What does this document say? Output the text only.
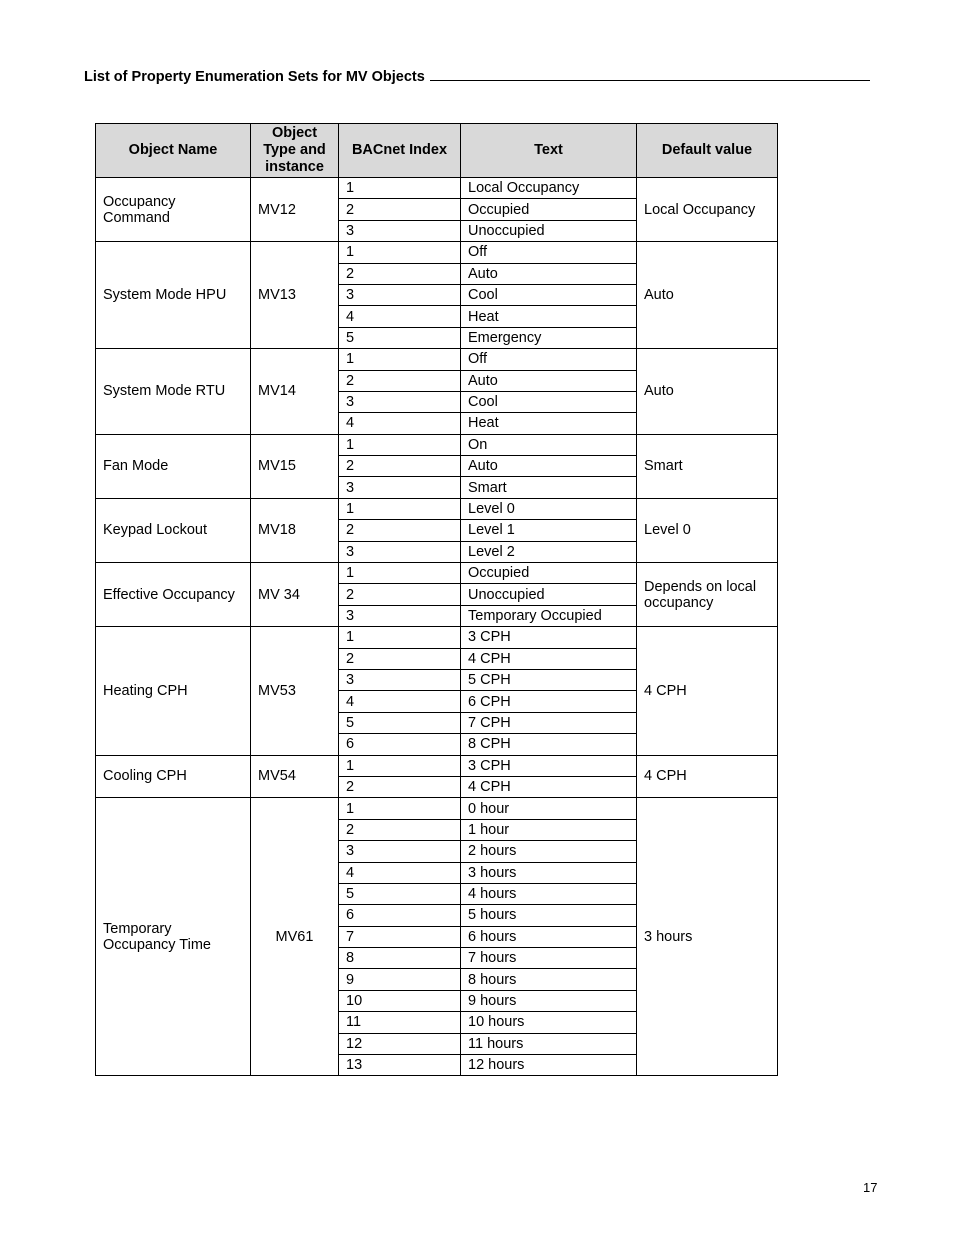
List of Property Enumeration Sets for MV Objects
Object Name	Object Type and instance	BACnet Index	Text	Default value
Occupancy Command	MV12	1	Local Occupancy	Local Occupancy
		2	Occupied	
		3	Unoccupied	
System Mode HPU	MV13	1	Off	Auto
		2	Auto	
		3	Cool	
		4	Heat	
		5	Emergency	
System Mode RTU	MV14	1	Off	Auto
		2	Auto	
		3	Cool	
		4	Heat	
Fan Mode	MV15	1	On	Smart
		2	Auto	
		3	Smart	
Keypad Lockout	MV18	1	Level 0	Level 0
		2	Level 1	
		3	Level 2	
Effective Occupancy	MV 34	1	Occupied	Depends on local occupancy
		2	Unoccupied	
		3	Temporary Occupied	
Heating CPH	MV53	1	3 CPH	4 CPH
		2	4 CPH	
		3	5 CPH	
		4	6 CPH	
		5	7 CPH	
		6	8 CPH	
Cooling CPH	MV54	1	3 CPH	4 CPH
		2	4 CPH	
Temporary Occupancy Time	MV61	1	0 hour	3 hours
		2	1 hour	
		3	2 hours	
		4	3 hours	
		5	4 hours	
		6	5 hours	
		7	6 hours	
		8	7 hours	
		9	8 hours	
		10	9 hours	
		11	10 hours	
		12	11 hours	
		13	12 hours	
17
